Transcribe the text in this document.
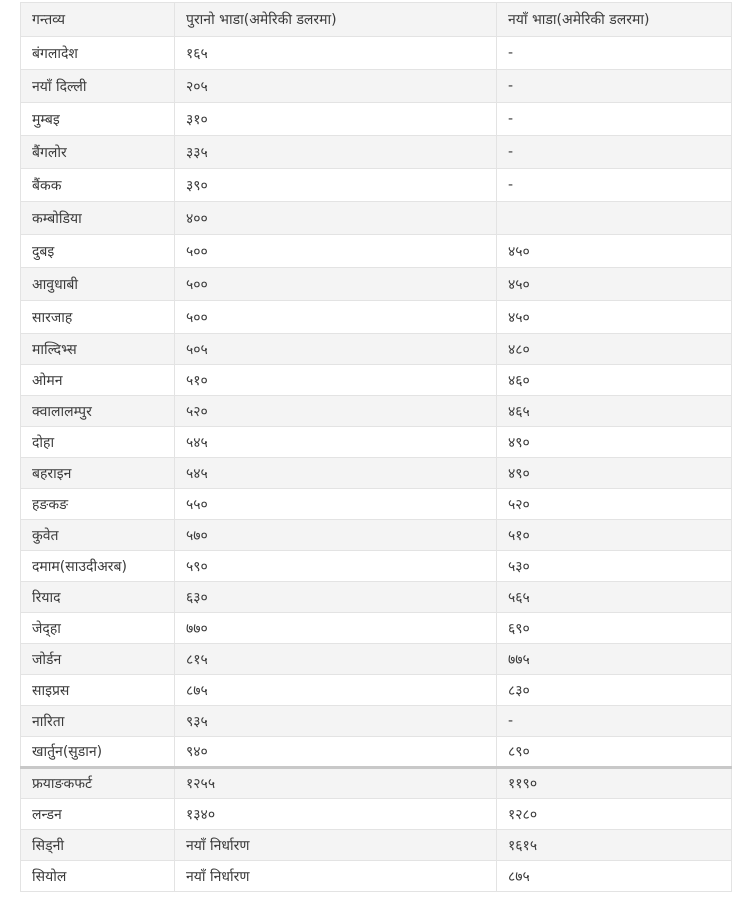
गन्तव्य	पुरानो भाडा(अमेरिकी डलरमा)	नयाँ भाडा(अमेरिकी डलरमा)
बंगलादेश	१६५	-
नयाँ दिल्ली	२०५	-
मुम्बइ	३१०	-
बैंगलोर	३३५	-
बैंकक	३९०	-
कम्बोडिया	४००	
दुबइ	५००	४५०
आवुधाबी	५००	४५०
सारजाह	५००	४५०
माल्दिभ्स	५०५	४८०
ओमन	५१०	४६०
क्वालालम्पुर	५२०	४६५
दोहा	५४५	४९०
बहराइन	५४५	४९०
हङकङ	५५०	५२०
कुवेत	५७०	५१०
दमाम(साउदीअरब)	५९०	५३०
रियाद	६३०	५६५
जेद्हा	७७०	६९०
जोर्डन	८१५	७७५
साइप्रस	८७५	८३०
नारिता	९३५	-
खार्तुन(सुडान)	९४०	८९०
फ्रयाङकफर्ट	१२५५	११९०
लन्डन	१३४०	१२८०
सिड्नी	नयाँ निर्धारण	१६१५
सियोल	नयाँ निर्धारण	८७५
